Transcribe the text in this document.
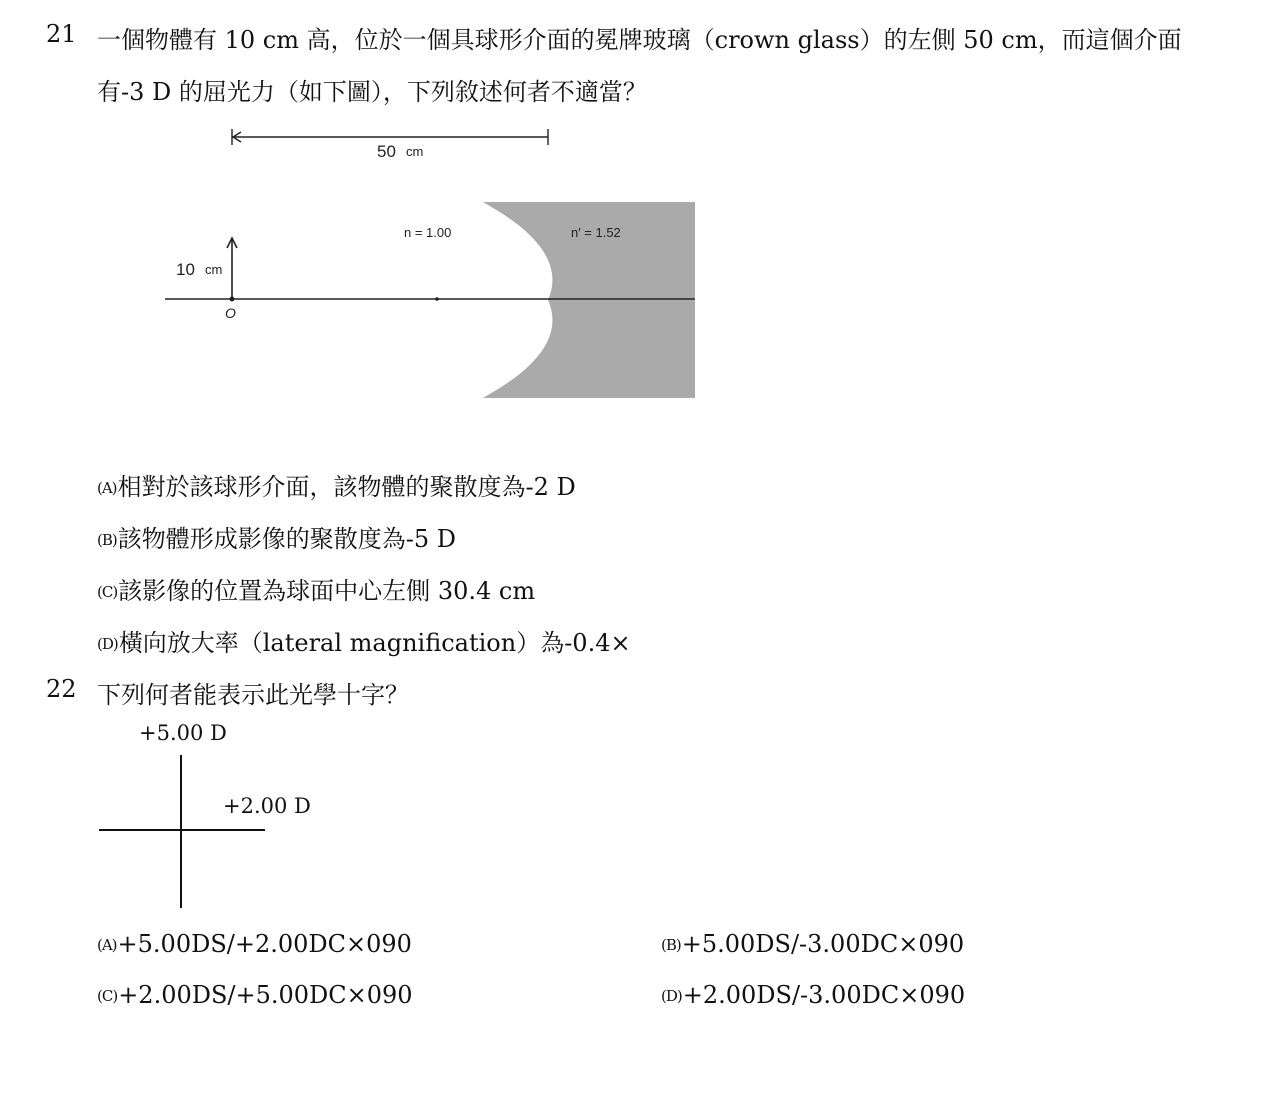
21 一個物體有 10 cm 高，位於一個具球形介面的冕牌玻璃（crown glass）的左側 50 cm，而這個介面
有-3 D 的屈光力（如下圖），下列敘述何者不適當？
50 cm
10 cm
O
n = 1.00	n′ = 1.52
(A)相對於該球形介面，該物體的聚散度為-2 D
(B)該物體形成影像的聚散度為-5 D
(C)該影像的位置為球面中心左側 30.4 cm
(D)橫向放大率（lateral magnification）為-0.4×
22 下列何者能表示此光學十字？
+5.00 D
+2.00 D
(A)+5.00DS/+2.00DC×090	(B)+5.00DS/-3.00DC×090
(C)+2.00DS/+5.00DC×090	(D)+2.00DS/-3.00DC×090
